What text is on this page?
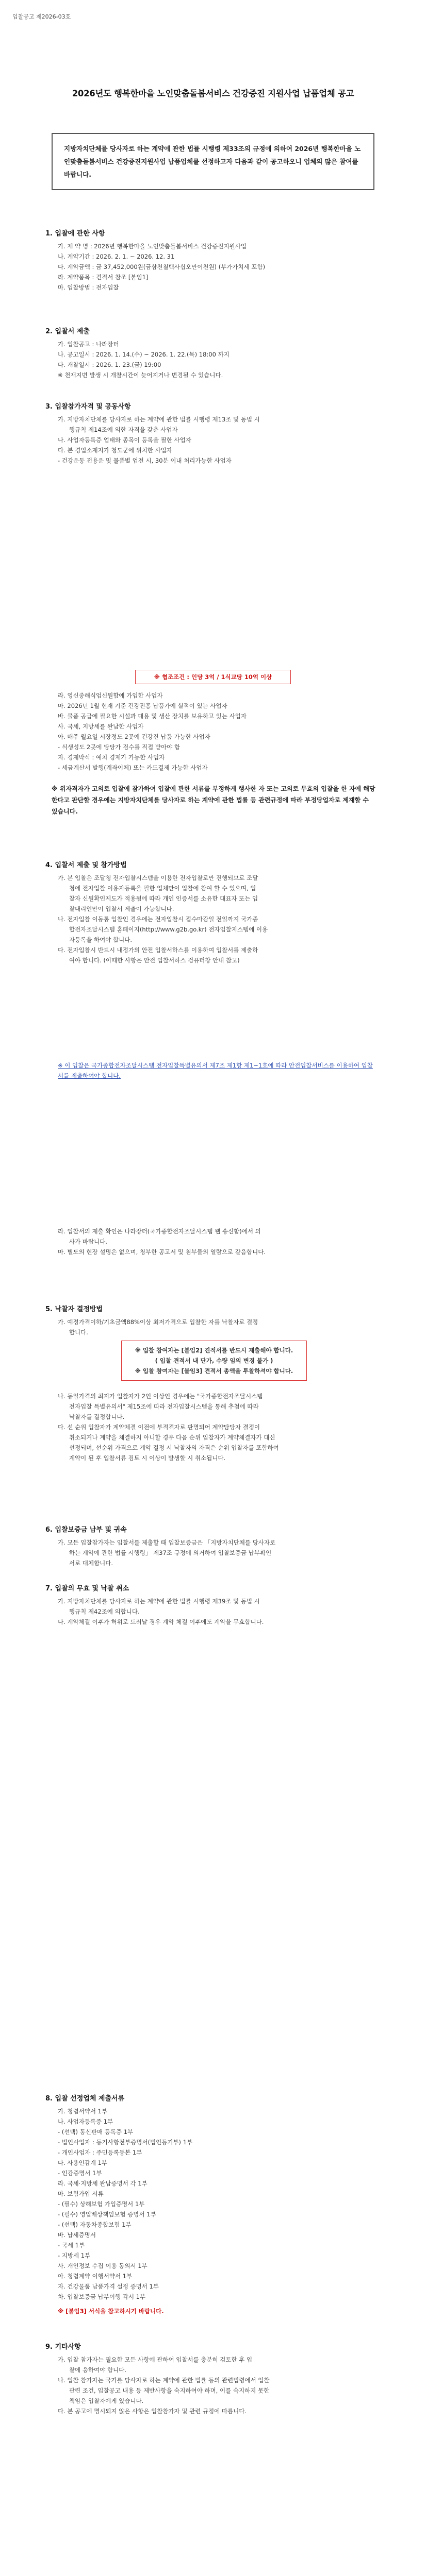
입찰공고 제2026-03호
2026년도 행복한마을 노인맞춤돌봄서비스 건강증진 지원사업 납품업체 공고
지방자치단체를 당사자로 하는 계약에 관한 법률 시행령 제33조의 규정에 의하여 2026년 행복한마을 노인맞춤돌봄서비스 건강증진지원사업 납품업체를 선정하고자 다음과 같이 공고하오니 업체의 많은 참여를 바랍니다.
1. 입찰에 관한 사항
가. 제 약 명 : 2026년 행복한마을 노인맞춤돌봄서비스 건강증진지원사업
나. 계약기간 : 2026. 2. 1. ~ 2026. 12. 31
다. 계약금액 : 금 37,452,000원(금삼천칠백사십오만이천원) (부가가치세 포함)
라. 계약품목 : 견적서 참조 [붙임1]
마. 입찰방법 : 전자입찰
2. 입찰서 제출
가. 입찰공고 : 나라장터
나. 공고일시 : 2026. 1. 14.(수) ~ 2026. 1. 22.(목) 18:00 까지
다. 개찰일시 : 2026. 1. 23.(금) 19:00
※ 천재지변 발생 시 개찰시간이 늦어지거나 변경될 수 있습니다.
3. 입찰참가자격 및 공동사항
가. 지방자치단체를 당사자로 하는 계약에 관한 법률 시행령 제13조 및 동법 시
행규칙 제14조에 의한 자격을 갖춘 사업자
나. 사업자등록증 업태와 종목이 등록을 필한 사업자
다. 본 경업소재지가 청도군에 위치한 사업자
- 건강운동 전용운 및 물품별 업전 시, 30분 이내 처리가능한 사업자
라. 영신중해식업신원함에 가입한 사업자
마. 2026년 1월 현재 기준 건강진흥 납품가에 실적이 있는 사업자
바. 물품 공급에 필요한 시설과 대용 및 생산 장치를 보유하고 있는 사업자
사. 국세, 지방세를 완납한 사업자
아. 매주 월요일 시장정도 2곳에 건강진 납품 가능한 사업자
- 식생성도 2곳에 당당가 검수를 직접 받아야 함
자. 경제박식 : 예치 경제가 가능한 사업자
- 세금계산서 발행(계좌이체) 또는 카드결제 가능한 사업자
※ 협조조건 : 인당 3억 / 1식교당 10억 이상
※ 위자격자가 고의로 입찰에 참가하여 입찰에 관한 서류를 부정하게 행사한 자 또는 고의로 무효의 입찰을 한 자에 해당한다고 판단할 경우에는 지방자치단체를 당사자로 하는 계약에 관한 법률 등 관련규정에 따라 부정당업자로 제재할 수 있습니다.
4. 입찰서 제출 및 참가방법
가. 본 입찰은 조달청 전자입찰시스템을 이용한 전자입찰로만 진행되므로 조달
청에 전자입찰 이용자등록을 필한 업체만이 입찰에 참여 할 수 있으며, 입
찰자 신원확인제도가 적용됨에 따라 개인 인증서를 소유한 대표자 또는 입
찰대리인만이 입찰서 제출이 가능합니다.
나. 전자입찰 이동통 입찰인 경우에는 전자입찰시 접수마감일 전일까지 국가종
합전자조달시스템 홈페이지(http://www.g2b.go.kr) 전자입찰지스템에 이용
자등록을 하여야 합니다.
다. 전자입찰시 반드시 내정가의 안전 입찰서하스를 이용하여 입찰서를 제출하
여야 합니다. (이때한 사항은 안전 입찰서하스 검퓨터창 안내 참고)
※ 이 입찰은 국가종합전자조달시스템 전자입찰특별유의서 제7조 제1항 제1~1호에 따라 안전입찰서비스를 이용하여 입찰서를 제출하여야 합니다.
라. 입찰서의 제출 확인은 나라장터(국가종합전자조달시스템 웹 송신함)에서 의
사가 바랍니다.
마. 별도의 현장 설명은 없으며, 청부한 공고서 및 첨부물의 열람으로 갈음합니다.
5. 낙찰자 결정방법
가. 예정가격이하/기초금액88%이상 최저가격으로 입찰한 자를 낙찰자로 결정
합니다.
※ 입찰 참여자는 [붙임2] 견적서를 반드시 제출해야 합니다.
( 입찰 견적서 내 단가, 수량 임의 변경 불가 )
※ 입찰 참여자는 [붙임3] 견적서 총액을 투찰하셔야 합니다.
나. 동일가격의 최저가 입찰자가 2인 이상인 경우에는 "국가종합전자조달시스템
전자입찰 특별유의서" 제15조에 따라 전자입찰시스템을 통해 추첨에 따라
낙찰자를 결정합니다.
다. 선 순위 입찰자가 계약체결 이전에 부적격자로 판명되어 계약담당자 결정이
취소되거나 계약을 체결하지 아니할 경우 다음 순위 입찰자가 계약체결자가 대신
선정되며, 선순위 가격으로 계약 결정 시 낙찰자의 자격은 순위 입찰자를 포함하여
계약이 된 후 입찰서류 검토 시 이상이 발생할 시 취소됩니다.
6. 입찰보증금 납부 및 귀속
가. 모든 입찰참가자는 입찰서를 제출할 때 입찰보증금은 「지방자치단체를 당사자로
하는 계약에 관한 법률 시행령」 제37조 규정에 의거하여 입찰보증금 납부확인
서로 대체합니다.
7. 입찰의 무효 및 낙찰 취소
가. 지방자치단체를 당사자로 하는 계약에 관한 법률 시행령 제39조 및 동법 시
행규칙 제42조에 의합니다.
나. 계약체결 이후가 허위로 드러날 경우 계약 체결 이후에도 계약을 무효합니다.
8. 입찰 선정업체 제출서류
가. 청렴서약서 1부
나. 사업자등록증 1부
- (선택) 통신판매 등록증 1부
- 법인사업자 : 등기사항전부증명서(법인등기부) 1부
- 개인사업자 : 주민등록등본 1부
다. 사용인감계 1부
- 인감증명서 1부
라. 국세·지방세 완납증명서 각 1부
마. 보험가입 서류
- (필수) 상해보험 가입증명서 1부
- (필수) 영업배상책임보험 증명서 1부
- (선택) 자동차종합보험 1부
바. 납세증명서
- 국세 1부
- 지방세 1부
사. 개인정보 수집 이용 동의서 1부
아. 청렴계약 이행서약서 1부
자. 건강물품 납품가격 설정 증명서 1부
차. 입찰보증금 납부이행 각서 1부
※ [붙임3] 서식을 참고하시기 바랍니다.
9. 기타사항
가. 입찰 참가자는 필요한 모든 사항에 관하여 입찰서를 충분히 검토한 후 입
찰에 응하여야 합니다.
나. 입찰 참가자는 국가를 당사자로 하는 계약에 관한 법률 등의 관련법령에서 입찰
관련 조건, 입찰공고 내용 등 제반사항을 숙지하여야 하며, 이를 숙지하지 못한
책임은 입찰자에게 있습니다.
다. 본 공고에 명시되지 않은 사항은 입찰참가자 및 관련 규정에 따릅니다.
